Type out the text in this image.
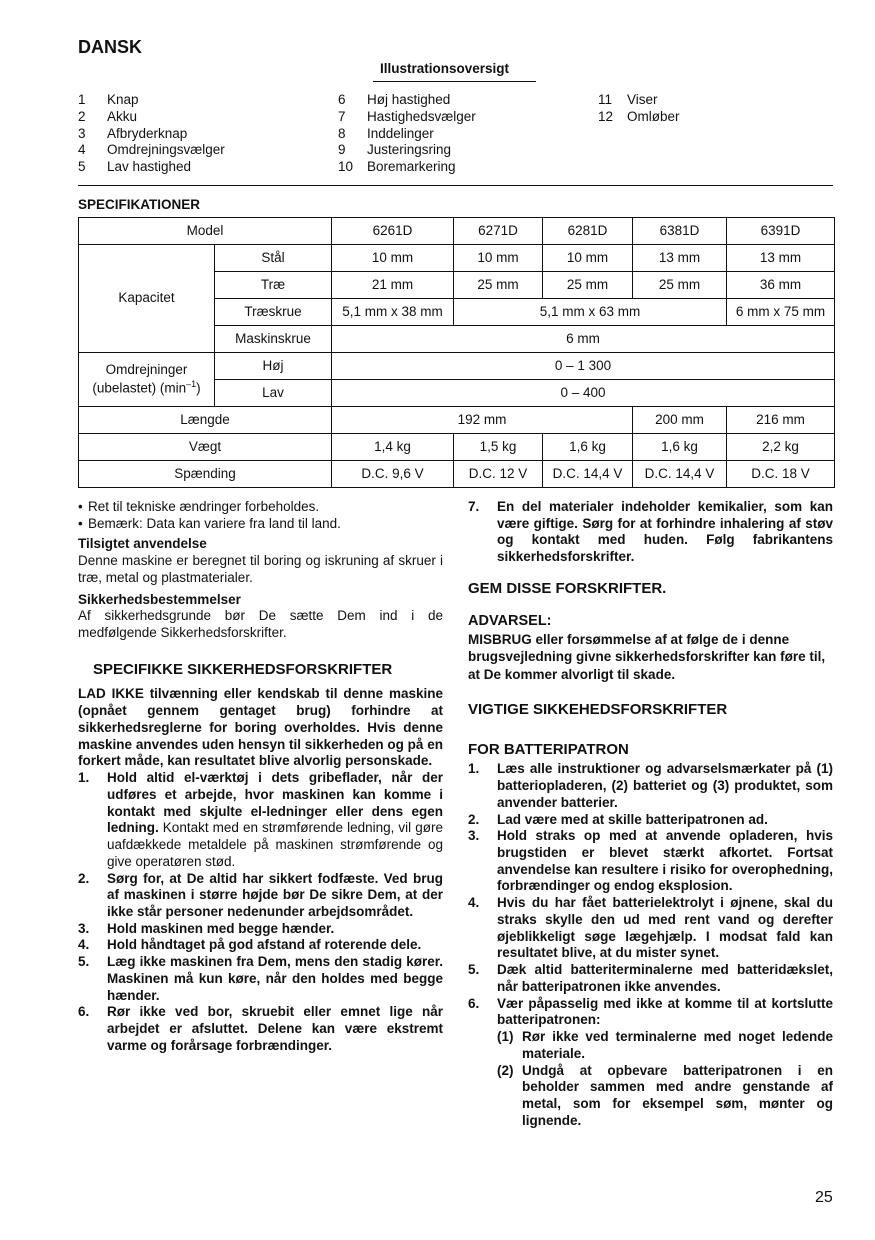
DANSK
Illustrationsoversigt
1 Knap
2 Akku
3 Afbryderknap
4 Omdrejningsvælger
5 Lav hastighed
6 Høj hastighed
7 Hastighedsvælger
8 Inddelinger
9 Justeringsring
10 Boremarkering
11 Viser
12 Omløber
SPECIFIKATIONER
Model		6261D	6271D	6281D	6381D	6391D
Kapacitet	Stål	10 mm	10 mm	10 mm	13 mm	13 mm
	Træ	21 mm	25 mm	25 mm	25 mm	36 mm
	Træskrue	5,1 mm x 38 mm	5,1 mm x 63 mm			6 mm x 75 mm
	Maskinskrue	6 mm				
Omdrejninger
(ubelastet) $(\min^{-1})$	Høj	0 – 1 300				
	Lav	0 – 400				
Længde		192 mm			200 mm	216 mm
Vægt		1,4 kg	1,5 kg	1,6 kg	1,6 kg	2,2 kg
Spænding		D.C. 9,6 V	D.C. 12 V	D.C. 14,4 V	D.C. 14,4 V	D.C. 18 V
• Ret til tekniske ændringer forbeholdes.
• Bemærk: Data kan variere fra land til land.

Tilsigtet anvendelse

Denne maskine er beregnet til boring og iskruning af skruer i træ, metal og plastmaterialer.

Sikkerhedsbestemmelser

Af sikkerhedsgrunde bør De sætte Dem ind i de medfølgende Sikkerhedsforskrifter.

SPECIFIKKE SIKKERHEDSFORSKRIFTER

LAD IKKE tilvænning eller kendskab til denne maskine (opnået gennem gentaget brug) forhindre at sikkerhedsreglerne for boring overholdes. Hvis denne maskine anvendes uden hensyn til sikkerheden og på en forkert måde, kan resultatet blive alvorlig personskade.

1. Hold altid el-værktøj i dets gribeflader, når der udføres et arbejde, hvor maskinen kan komme i kontakt med skjulte el-ledninger eller dens egen ledning. Kontakt med en strømførende ledning, vil gøre uafdækkede metaldele på maskinen strømførende og give operatøren stød.
2. Sørg for, at De altid har sikkert fodfæste. Ved brug af maskinen i større højde bør De sikre Dem, at der ikke står personer nedenunder arbejdsområdet.
3. Hold maskinen med begge hænder.
4. Hold håndtaget på god afstand af roterende dele.
5. Læg ikke maskinen fra Dem, mens den stadig kører. Maskinen må kun køre, når den holdes med begge hænder.
6. Rør ikke ved bor, skruebit eller emnet lige når arbejdet er afsluttet. Delene kan være ekstremt varme og forårsage forbrændinger.
7. En del materialer indeholder kemikalier, som kan være giftige. Sørg for at forhindre inhalering af støv og kontakt med huden. Følg fabrikantens sikkerhedsforskrifter.

GEM DISSE FORSKRIFTER.

ADVARSEL:

MISBRUG eller forsømmelse af at følge de i denne brugsvejledning givne sikkerhedsforskrifter kan føre til, at De kommer alvorligt til skade.

VIGTIGE SIKKEHEDSFORSKRIFTER

FOR BATTERIPATRON

1. Læs alle instruktioner og advarselsmærkater på (1) batteriopladeren, (2) batteriet og (3) produktet, som anvender batterier.
2. Lad være med at skille batteripatronen ad.
3. Hold straks op med at anvende opladeren, hvis brugstiden er blevet stærkt afkortet. Fortsat anvendelse kan resultere i risiko for overophedning, forbrændinger og endog eksplosion.
4. Hvis du har fået batterielektrolyt i øjnene, skal du straks skylle den ud med rent vand og derefter øjeblikkeligt søge lægehjælp. I modsat fald kan resultatet blive, at du mister synet.
5. Dæk altid batteriterminalerne med batteridækslet, når batteripatronen ikke anvendes.
6. Vær påpasselig med ikke at komme til at kortslutte batteripatronen:
(1) Rør ikke ved terminalerne med noget ledende materiale.
(2) Undgå at opbevare batteripatronen i en beholder sammen med andre genstande af metal, som for eksempel søm, mønter og lignende.
25
